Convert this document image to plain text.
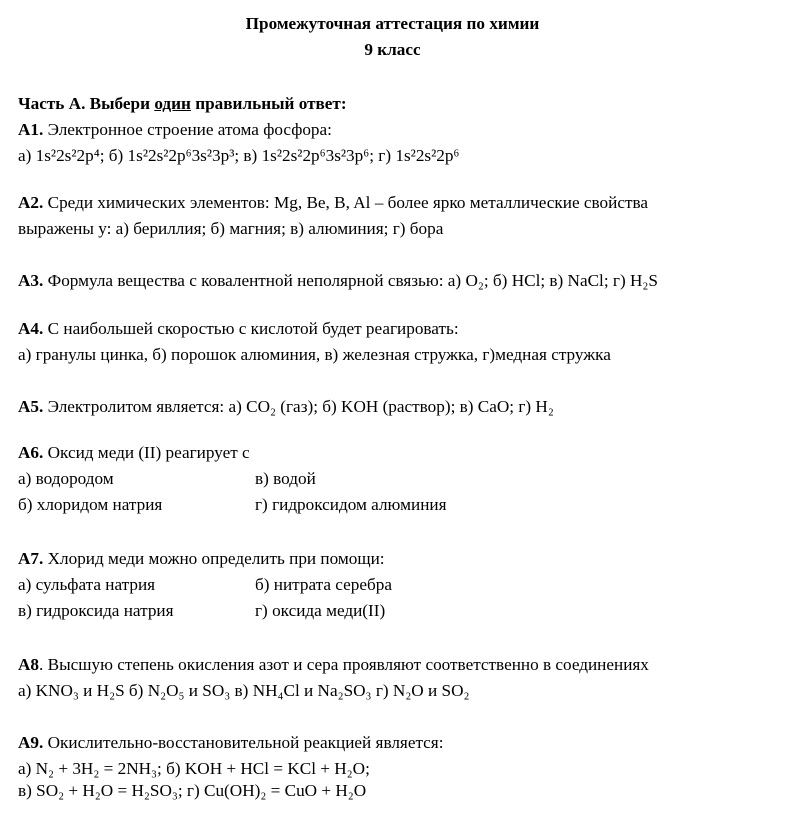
Промежуточная аттестация по химии
9 класс
Часть А. Выбери один правильный ответ:
А1. Электронное строение атома фосфора:
а) 1s²2s²2p⁴; б) 1s²2s²2p⁶3s²3p³; в) 1s²2s²2p⁶3s²3p⁶; г) 1s²2s²2p⁶
А2. Среди химических элементов: Mg, Be, B, Al – более ярко металлические свойства
выражены у: а) бериллия; б) магния; в) алюминия; г) бора
А3. Формула вещества с ковалентной неполярной связью: а) O₂; б) HCl; в) NaCl; г) H₂S
А4. С наибольшей скоростью с кислотой будет реагировать:
а) гранулы цинка, б) порошок алюминия, в) железная стружка, г)медная стружка
А5. Электролитом является: а) CO₂ (газ); б) KOH (раствор); в) CaO; г) H₂
А6. Оксид меди (II) реагирует с
а) водородом	в) водой
б) хлоридом натрия	г) гидроксидом алюминия
А7. Хлорид меди можно определить при помощи:
а) сульфата натрия	б) нитрата серебра
в) гидроксида натрия	г) оксида меди(II)
А8. Высшую степень окисления азот и сера проявляют соответственно в соединениях
а) KNO₃ и H₂S б) N₂O₅ и SO₃ в) NH₄Cl и Na₂SO₃ г) N₂O и SO₂
А9. Окислительно-восстановительной реакцией является:
а) N₂ + 3H₂ = 2NH₃; б) KOH + HCl = KCl + H₂O;
в) SO₂ + H₂O = H₂SO₃; г) Cu(OH)₂ = CuO + H₂O
